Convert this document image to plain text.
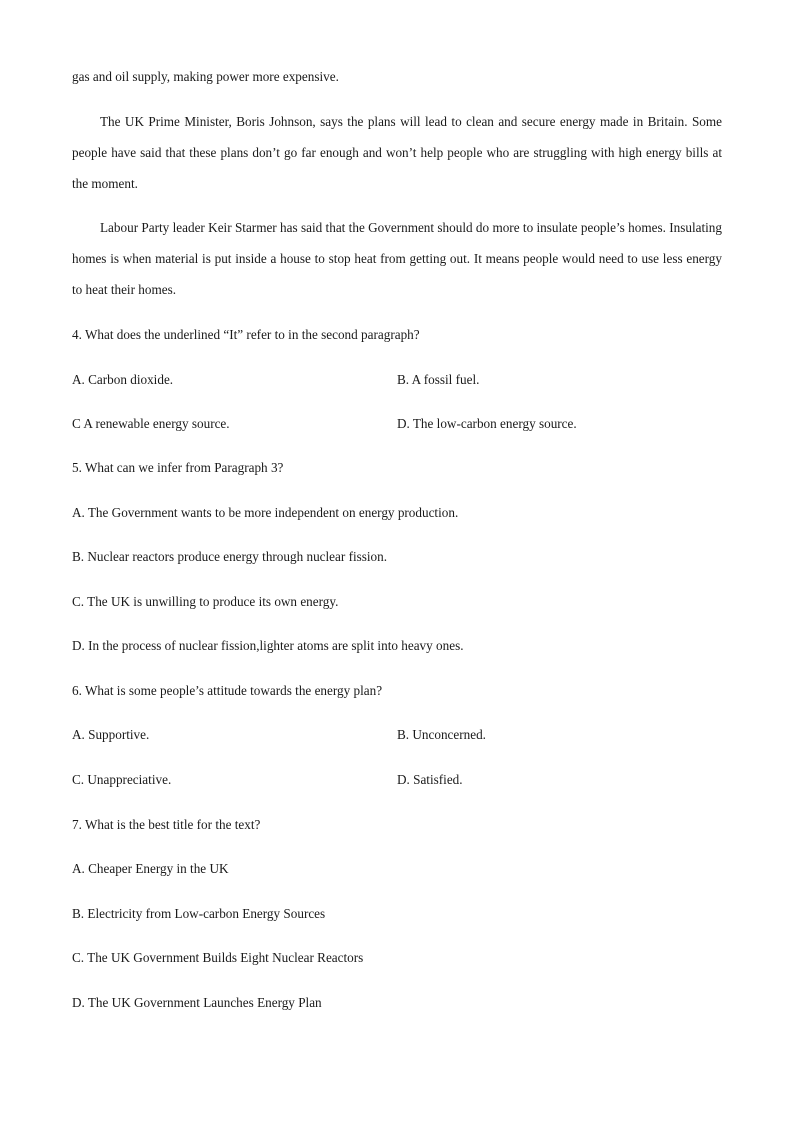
gas and oil supply, making power more expensive.

The UK Prime Minister, Boris Johnson, says the plans will lead to clean and secure energy made in Britain. Some people have said that these plans don’t go far enough and won’t help people who are struggling with high energy bills at the moment.

Labour Party leader Keir Starmer has said that the Government should do more to insulate people’s homes. Insulating homes is when material is put inside a house to stop heat from getting out. It means people would need to use less energy to heat their homes.

4. What does the underlined “It” refer to in the second paragraph?
A. Carbon dioxide.	B. A fossil fuel.
C A renewable energy source.	D. The low-carbon energy source.
5. What can we infer from Paragraph 3?
A. The Government wants to be more independent on energy production.
B. Nuclear reactors produce energy through nuclear fission.
C. The UK is unwilling to produce its own energy.
D. In the process of nuclear fission,lighter atoms are split into heavy ones.
6. What is some people’s attitude towards the energy plan?
A. Supportive.	B. Unconcerned.
C. Unappreciative.	D. Satisfied.
7. What is the best title for the text?
A. Cheaper Energy in the UK
B. Electricity from Low-carbon Energy Sources
C. The UK Government Builds Eight Nuclear Reactors
D. The UK Government Launches Energy Plan
